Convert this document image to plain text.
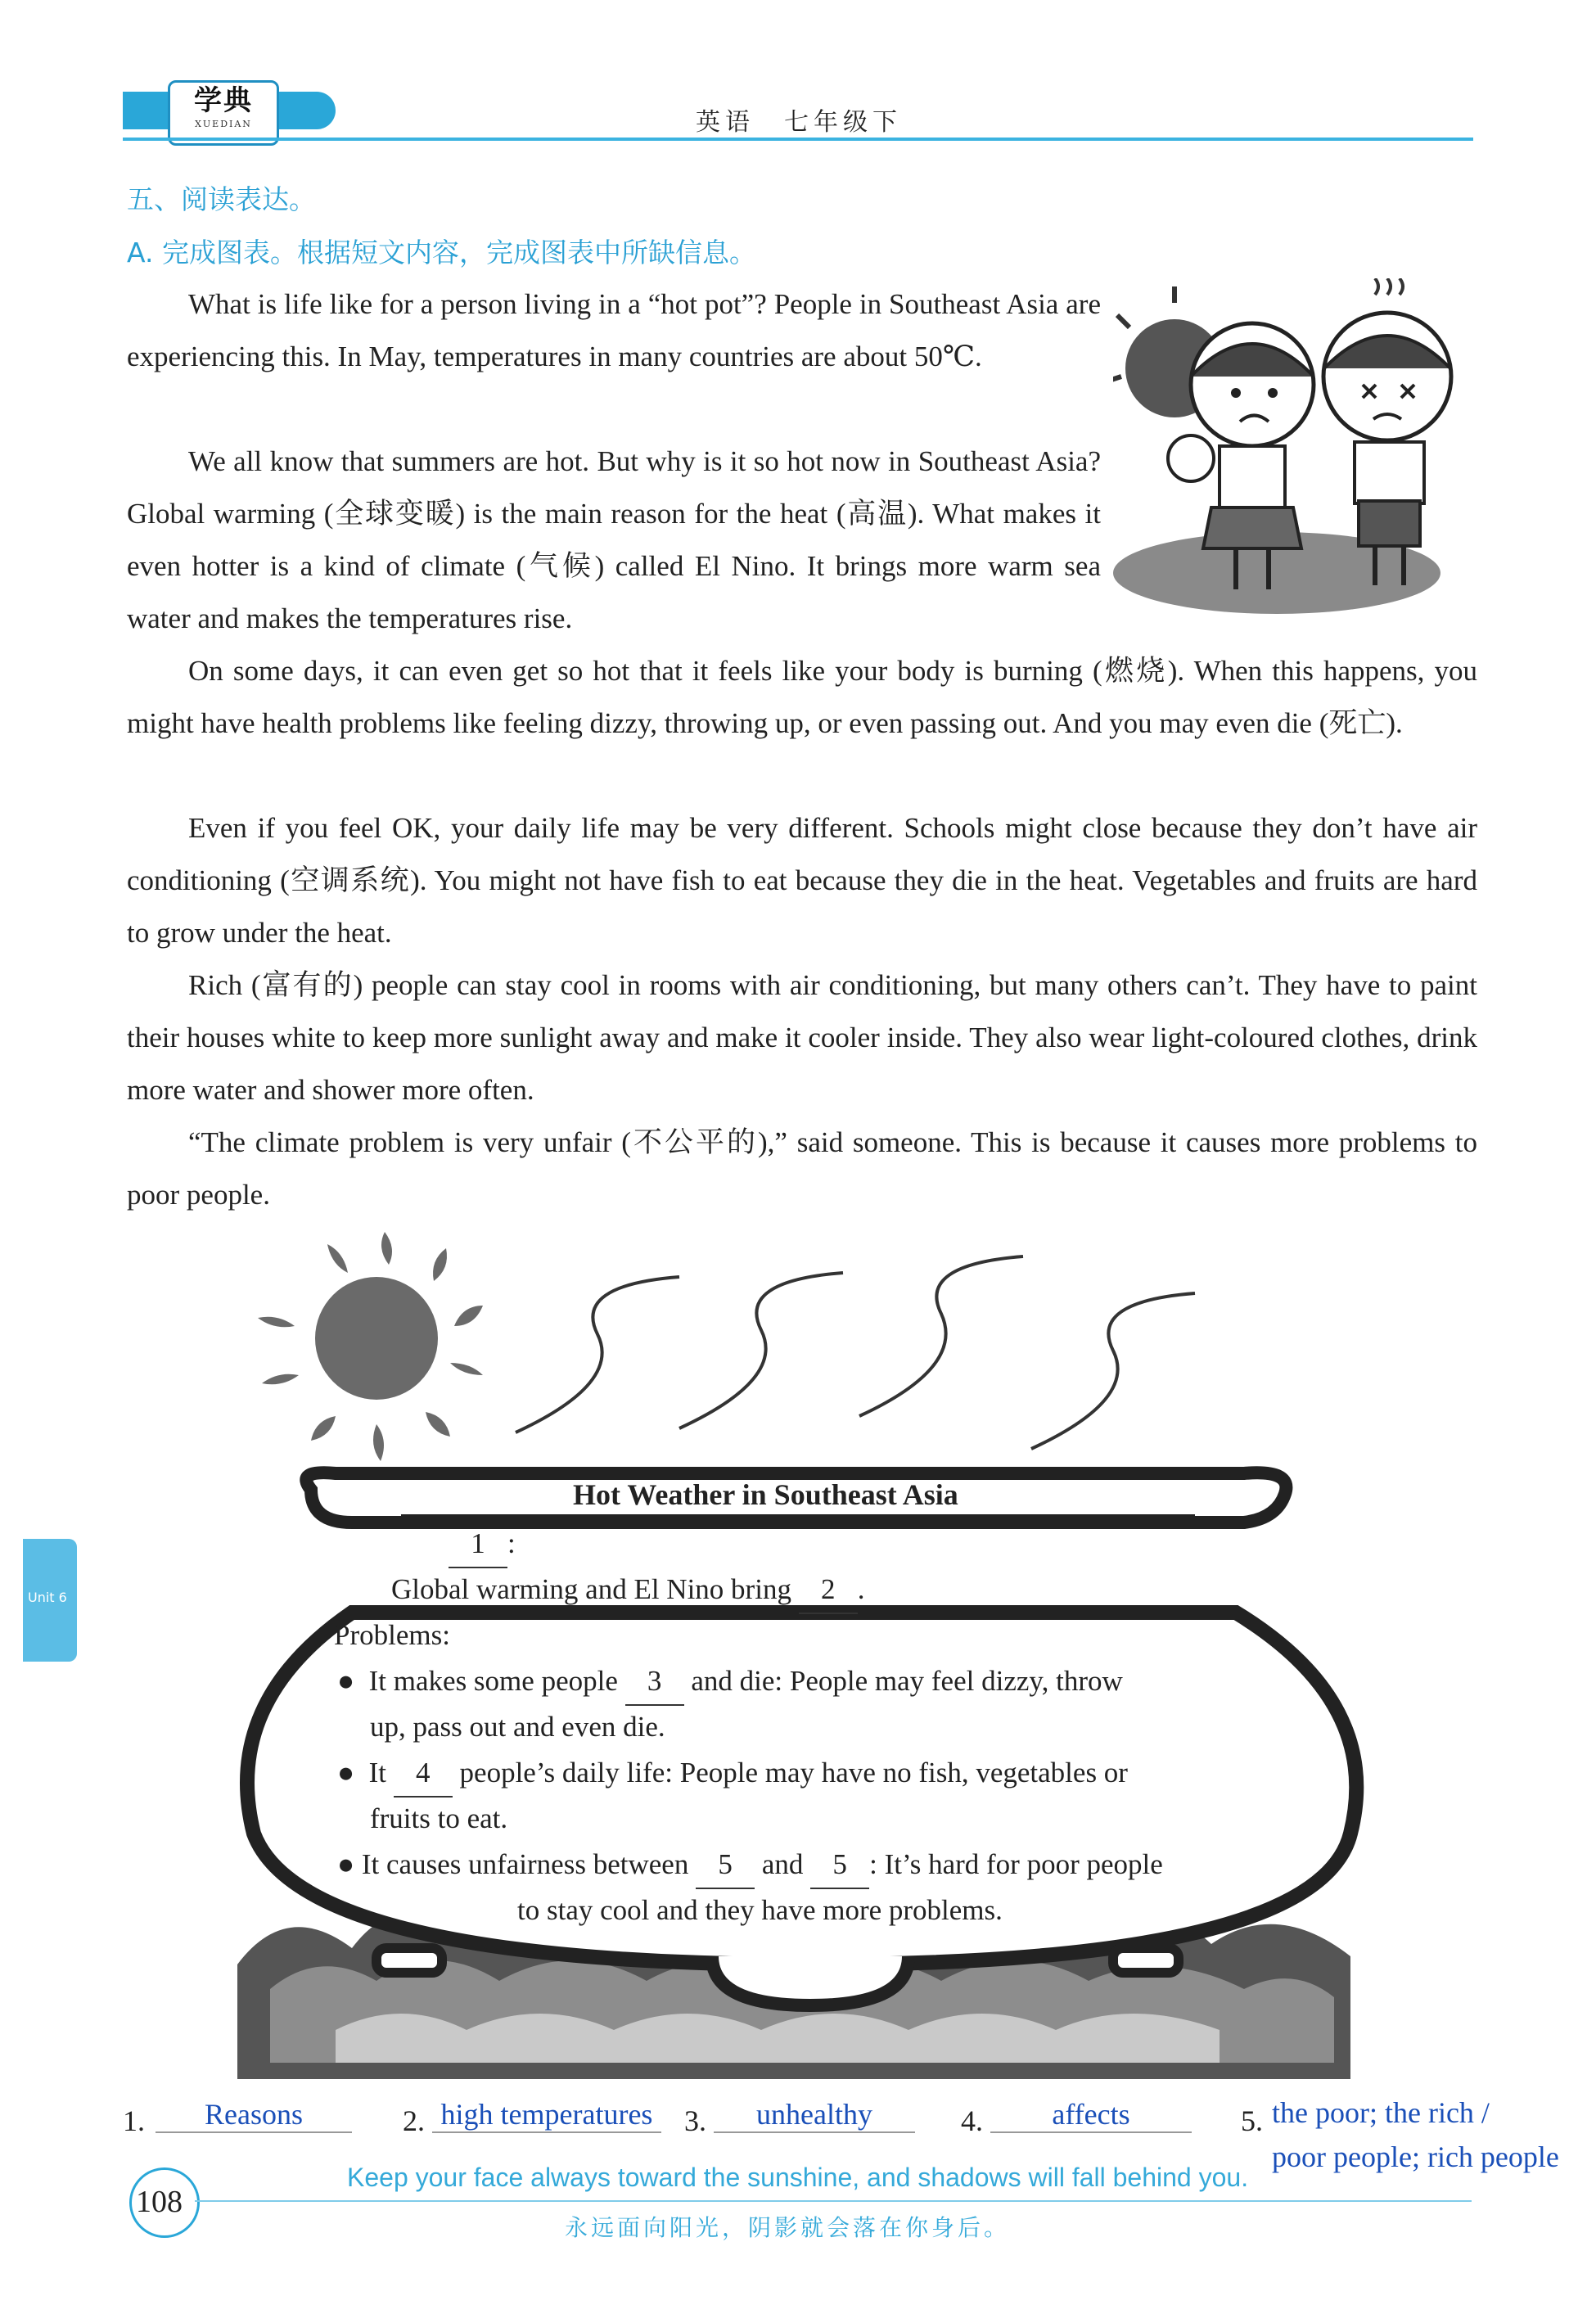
学典
XUEDIAN	英语　七年级下
五、阅读表达。
A. 完成图表。根据短文内容，完成图表中所缺信息。
What is life like for a person living in a “hot pot”? People in Southeast Asia are experiencing this. In May, temperatures in many countries are about 50℃.
We all know that summers are hot. But why is it so hot now in Southeast Asia? Global warming (全球变暖) is the main reason for the heat (高温). What makes it even hotter is a kind of climate (气候) called El Nino. It brings more warm sea water and makes the temperatures rise.
On some days, it can even get so hot that it feels like your body is burning (燃烧). When this happens, you might have health problems like feeling dizzy, throwing up, or even passing out. And you may even die (死亡).
Even if you feel OK, your daily life may be very different. Schools might close because they don’t have air conditioning (空调系统). You might not have fish to eat because they die in the heat. Vegetables and fruits are hard to grow under the heat.
Rich (富有的) people can stay cool in rooms with air conditioning, but many others can’t. They have to paint their houses white to keep more sunlight away and make it cooler inside. They also wear light-coloured clothes, drink more water and shower more often.
“The climate problem is very unfair (不公平的),” said someone. This is because it causes more problems to poor people.
Hot Weather in Southeast Asia
1 :
Global warming and El Nino bring 2 .
Problems:
●  It makes some people 3 and die: People may feel dizzy, throw
up, pass out and even die.
●  It 4 people’s daily life: People may have no fish, vegetables or
fruits to eat.
● It causes unfairness between 5 and 5 : It’s hard for poor people
to stay cool and they have more problems.
1.	Reasons	2. high temperatures 3.	unhealthy	4.	affects	5. the poor; the rich /
poor people; rich people
108
Keep your face always toward the sunshine, and shadows will fall behind you.
永远面向阳光，阴影就会落在你身后。
Unit 6
